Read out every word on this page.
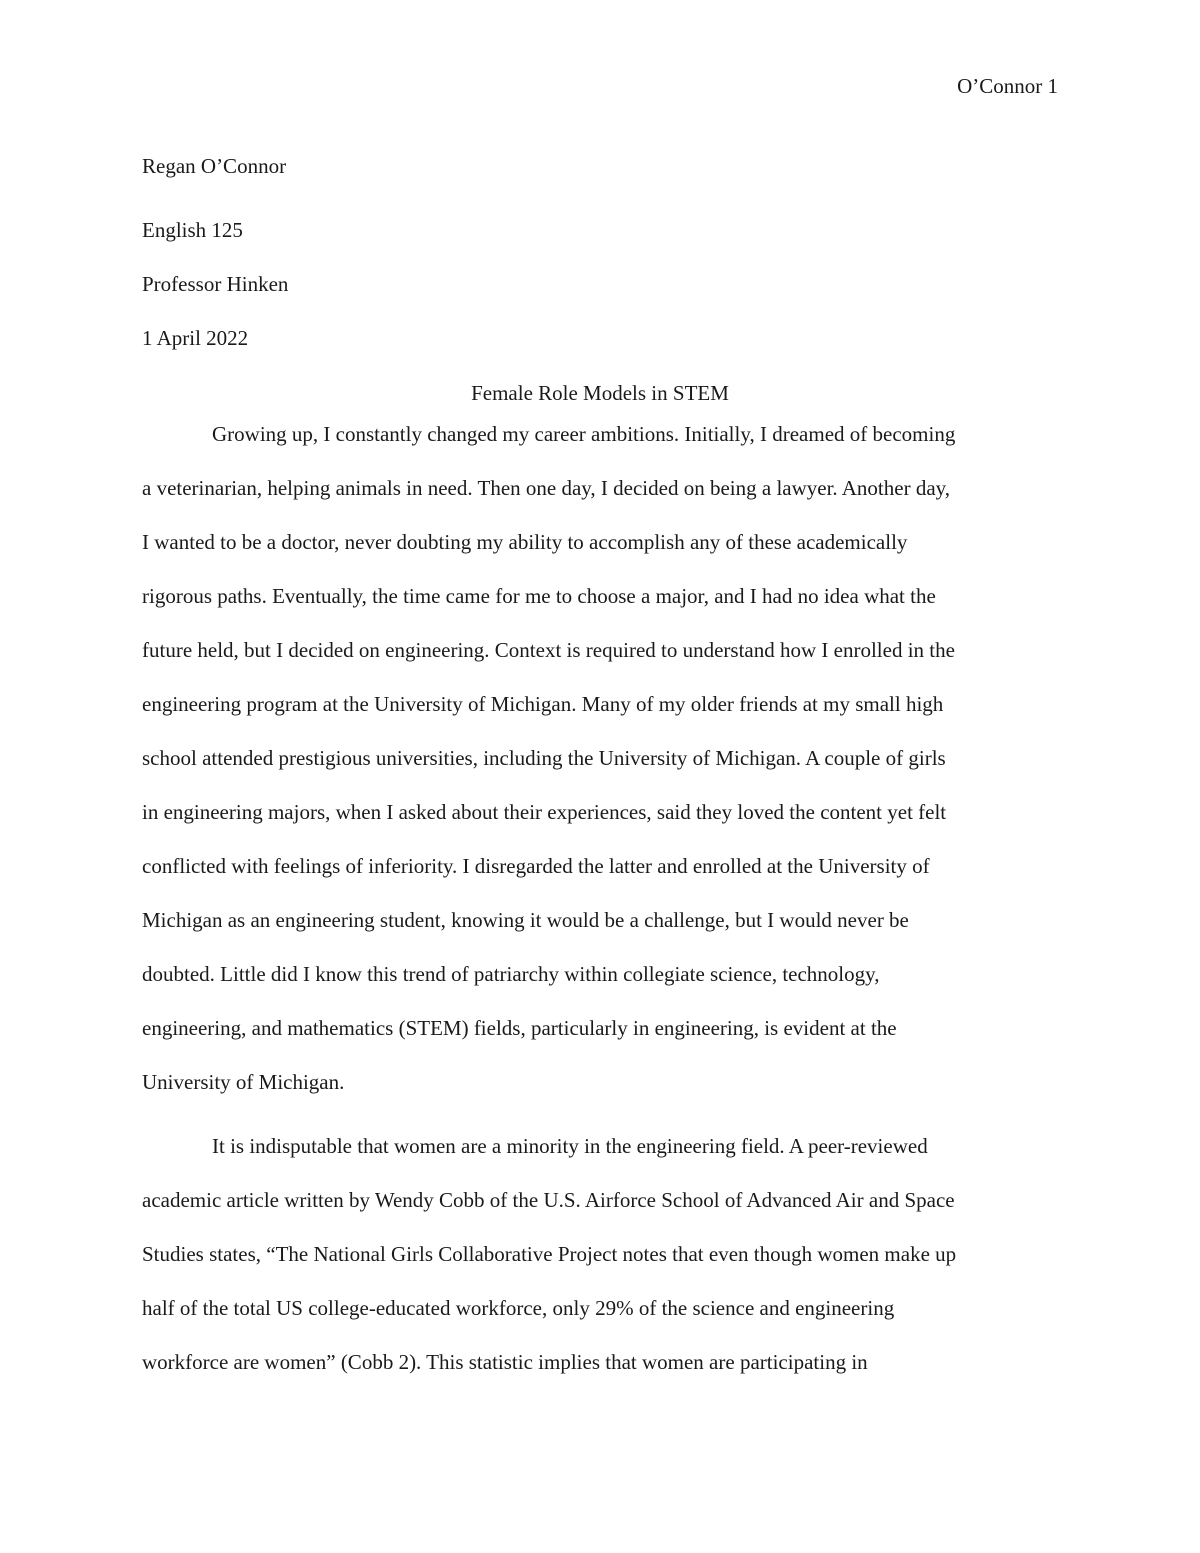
O’Connor 1
Regan O’Connor
English 125
Professor Hinken
1 April 2022
Female Role Models in STEM
Growing up, I constantly changed my career ambitions. Initially, I dreamed of becoming
a veterinarian, helping animals in need. Then one day, I decided on being a lawyer. Another day,
I wanted to be a doctor, never doubting my ability to accomplish any of these academically
rigorous paths. Eventually, the time came for me to choose a major, and I had no idea what the
future held, but I decided on engineering. Context is required to understand how I enrolled in the
engineering program at the University of Michigan. Many of my older friends at my small high
school attended prestigious universities, including the University of Michigan. A couple of girls
in engineering majors, when I asked about their experiences, said they loved the content yet felt
conflicted with feelings of inferiority. I disregarded the latter and enrolled at the University of
Michigan as an engineering student, knowing it would be a challenge, but I would never be
doubted. Little did I know this trend of patriarchy within collegiate science, technology,
engineering, and mathematics (STEM) fields, particularly in engineering, is evident at the
University of Michigan.
It is indisputable that women are a minority in the engineering field. A peer-reviewed
academic article written by Wendy Cobb of the U.S. Airforce School of Advanced Air and Space
Studies states, “The National Girls Collaborative Project notes that even though women make up
half of the total US college-educated workforce, only 29% of the science and engineering
workforce are women” (Cobb 2). This statistic implies that women are participating in
